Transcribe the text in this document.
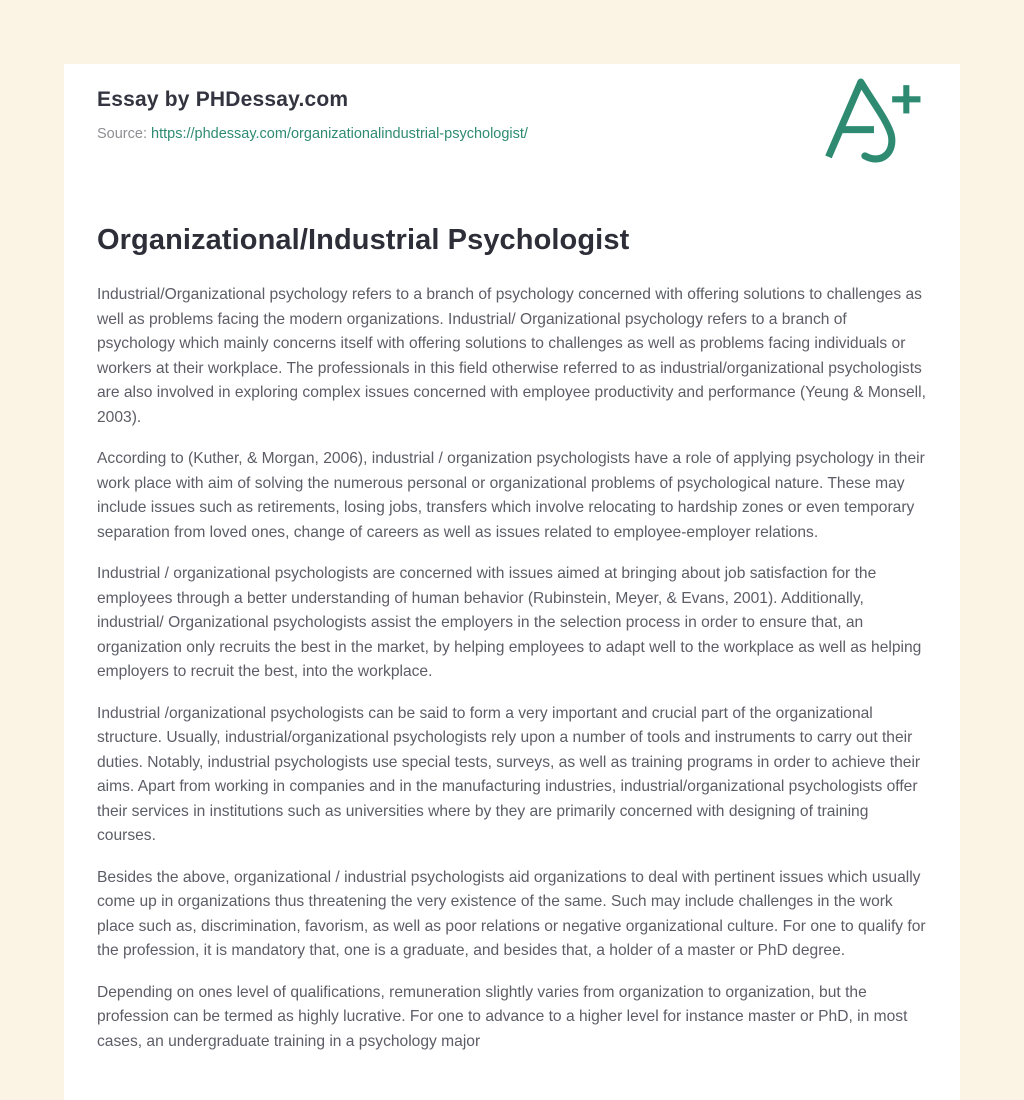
Essay by PHDessay.com
Source: https://phdessay.com/organizationalindustrial-psychologist/
Organizational/Industrial Psychologist

Industrial/Organizational psychology refers to a branch of psychology concerned with offering solutions to challenges as well as problems facing the modern organizations. Industrial/ Organizational psychology refers to a branch of psychology which mainly concerns itself with offering solutions to challenges as well as problems facing individuals or workers at their workplace. The professionals in this field otherwise referred to as industrial/organizational psychologists are also involved in exploring complex issues concerned with employee productivity and performance (Yeung & Monsell, 2003).

According to (Kuther, & Morgan, 2006), industrial / organization psychologists have a role of applying psychology in their work place with aim of solving the numerous personal or organizational problems of psychological nature. These may include issues such as retirements, losing jobs, transfers which involve relocating to hardship zones or even temporary separation from loved ones, change of careers as well as issues related to employee-employer relations.

Industrial / organizational psychologists are concerned with issues aimed at bringing about job satisfaction for the employees through a better understanding of human behavior (Rubinstein, Meyer, & Evans, 2001). Additionally, industrial/ Organizational psychologists assist the employers in the selection process in order to ensure that, an organization only recruits the best in the market, by helping employees to adapt well to the workplace as well as helping employers to recruit the best, into the workplace.

Industrial /organizational psychologists can be said to form a very important and crucial part of the organizational structure. Usually, industrial/organizational psychologists rely upon a number of tools and instruments to carry out their duties. Notably, industrial psychologists use special tests, surveys, as well as training programs in order to achieve their aims. Apart from working in companies and in the manufacturing industries, industrial/organizational psychologists offer their services in institutions such as universities where by they are primarily concerned with designing of training courses.

Besides the above, organizational / industrial psychologists aid organizations to deal with pertinent issues which usually come up in organizations thus threatening the very existence of the same. Such may include challenges in the work place such as, discrimination, favorism, as well as poor relations or negative organizational culture. For one to qualify for the profession, it is mandatory that, one is a graduate, and besides that, a holder of a master or PhD degree.

Depending on ones level of qualifications, remuneration slightly varies from organization to organization, but the profession can be termed as highly lucrative. For one to advance to a higher level for instance master or PhD, in most cases, an undergraduate training in a psychology major
